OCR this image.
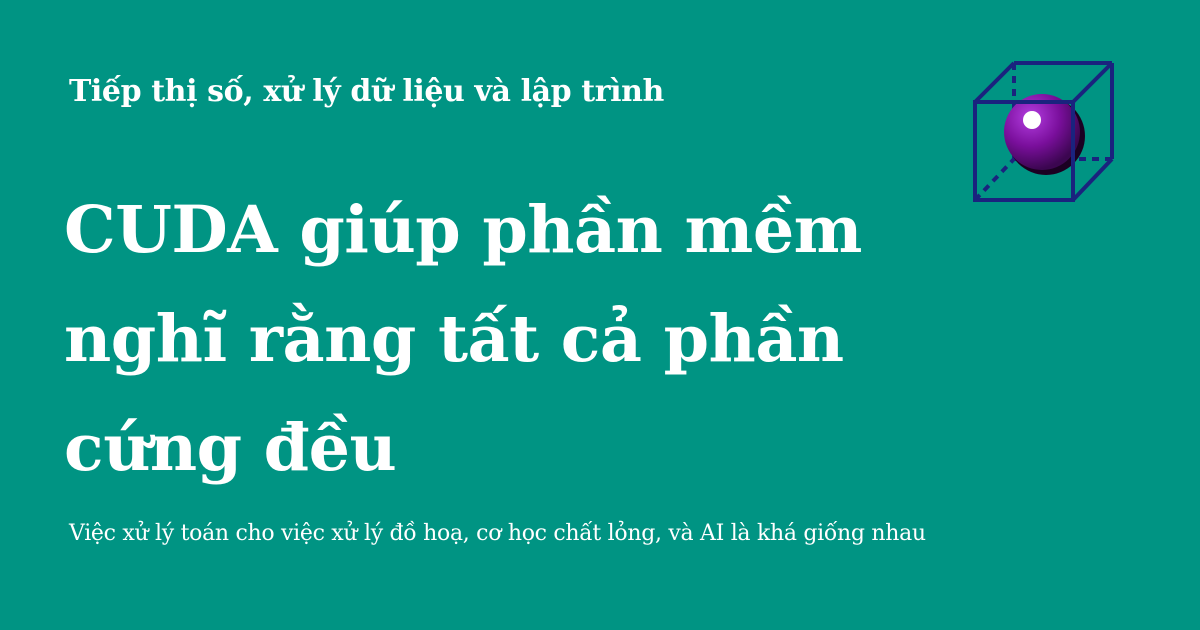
Tiếp thị số, xử lý dữ liệu và lập trình

CUDA giúp phần mềm nghĩ rằng tất cả phần cứng đều

Việc xử lý toán cho việc xử lý đồ hoạ, cơ học chất lỏng, và AI là khá giống nhau
